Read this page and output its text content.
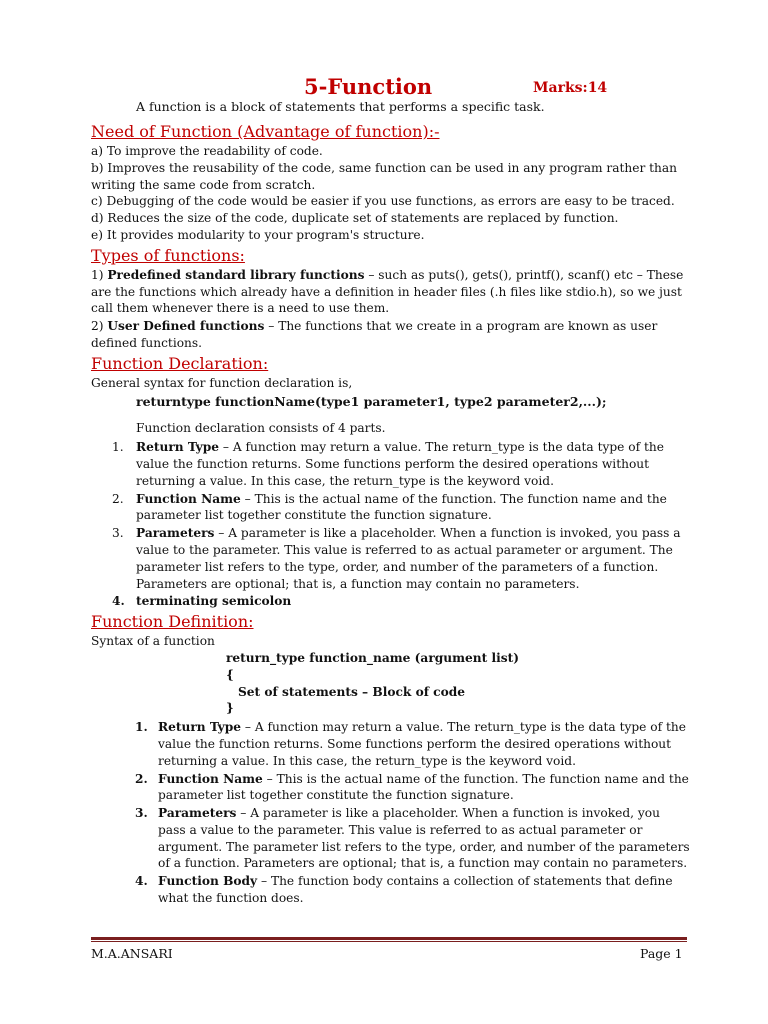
5-Function	Marks:14
A function is a block of statements that performs a specific task.
Need of Function (Advantage of function):-

a) To improve the readability of code.

b) Improves the reusability of the code, same function can be used in any program rather than writing the same code from scratch.

c) Debugging of the code would be easier if you use functions, as errors are easy to be traced.

d) Reduces the size of the code, duplicate set of statements are replaced by function.

e) It provides modularity to your program's structure.

Types of functions:

1) Predefined standard library functions – such as puts(), gets(), printf(), scanf() etc – These are the functions which already have a definition in header files (.h files like stdio.h), so we just call them whenever there is a need to use them.

2) User Defined functions – The functions that we create in a program are known as user defined functions.

Function Declaration:

General syntax for function declaration is,

returntype functionName(type1 parameter1, type2 parameter2,...);

Function declaration consists of 4 parts.

1. Return Type – A function may return a value. The return_type is the data type of the value the function returns. Some functions perform the desired operations without returning a value. In this case, the return_type is the keyword void.
2. Function Name – This is the actual name of the function. The function name and the parameter list together constitute the function signature.
3. Parameters – A parameter is like a placeholder. When a function is invoked, you pass a value to the parameter. This value is referred to as actual parameter or argument. The parameter list refers to the type, order, and number of the parameters of a function. Parameters are optional; that is, a function may contain no parameters.
4. terminating semicolon
Function Definition:

Syntax of a function

return_type function_name (argument list)
{
Set of statements – Block of code
}
1. Return Type – A function may return a value. The return_type is the data type of the value the function returns. Some functions perform the desired operations without returning a value. In this case, the return_type is the keyword void.
2. Function Name – This is the actual name of the function. The function name and the parameter list together constitute the function signature.
3. Parameters – A parameter is like a placeholder. When a function is invoked, you pass a value to the parameter. This value is referred to as actual parameter or argument. The parameter list refers to the type, order, and number of the parameters of a function. Parameters are optional; that is, a function may contain no parameters.
4. Function Body – The function body contains a collection of statements that define what the function does.
M.A.ANSARI	Page 1
